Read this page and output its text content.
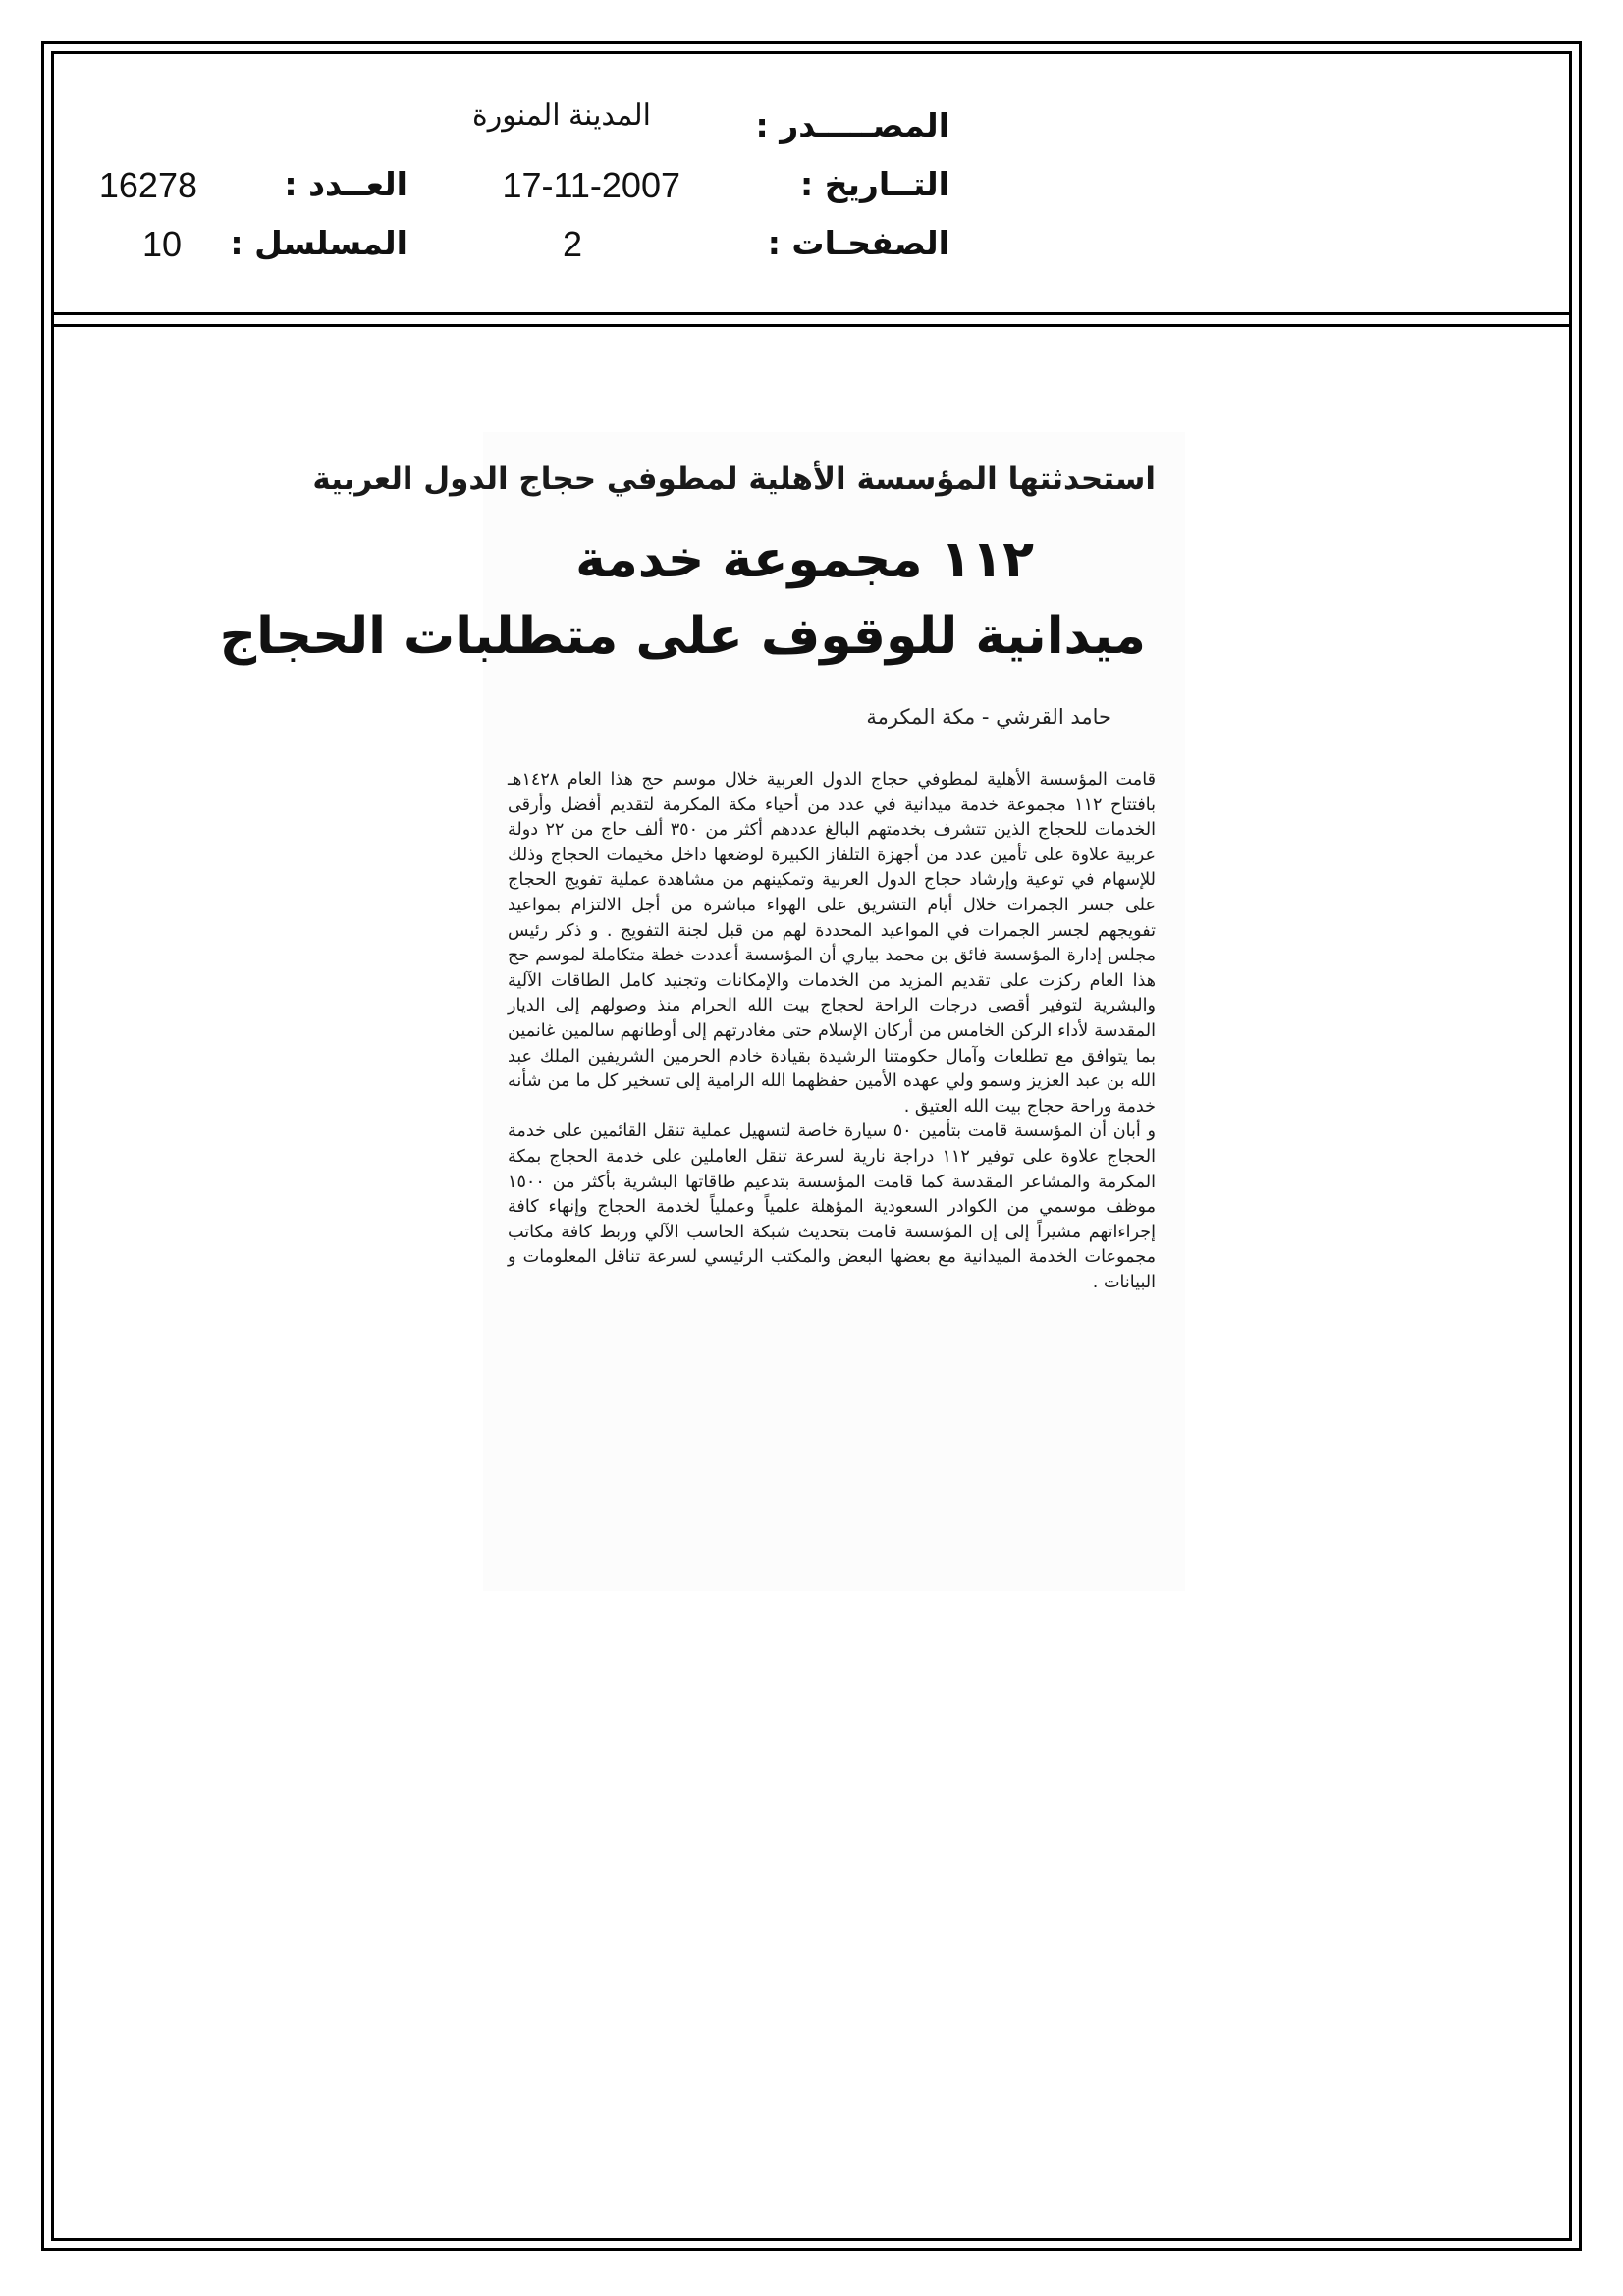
المصـــــدر :
المدينة المنورة
التــاريخ :
17-11-2007
العــدد :
16278
الصفحـات :
2
المسلسل :
10
استحدثتها المؤسسة الأهلية لمطوفي حجاج الدول العربية
١١٢ مجموعة خدمة
ميدانية للوقوف على متطلبات الحجاج
حامد القرشي - مكة المكرمة

قامت المؤسسة الأهلية لمطوفي حجاج الدول العربية خلال موسم حج هذا العام ١٤٢٨هـ بافتتاح ١١٢ مجموعة خدمة ميدانية في عدد من أحياء مكة المكرمة لتقديم أفضل وأرقى الخدمات للحجاج الذين تتشرف بخدمتهم البالغ عددهم أكثر من ٣٥٠ ألف حاج من ٢٢ دولة عربية علاوة على تأمين عدد من أجهزة التلفاز الكبيرة لوضعها داخل مخيمات الحجاج وذلك للإسهام في توعية وإرشاد حجاج الدول العربية وتمكينهم من مشاهدة عملية تفويج الحجاج على جسر الجمرات خلال أيام التشريق على الهواء مباشرة من أجل الالتزام بمواعيد تفويجهم لجسر الجمرات في المواعيد المحددة لهم من قبل لجنة التفويج . و ذكر رئيس مجلس إدارة المؤسسة فائق بن محمد بياري أن المؤسسة أعددت خطة متكاملة لموسم حج هذا العام ركزت على تقديم المزيد من الخدمات والإمكانات وتجنيد كامل الطاقات الآلية والبشرية لتوفير أقصى درجات الراحة لحجاج بيت الله الحرام منذ وصولهم إلى الديار المقدسة لأداء الركن الخامس من أركان الإسلام حتى مغادرتهم إلى أوطانهم سالمين غانمين بما يتوافق مع تطلعات وآمال حكومتنا الرشيدة بقيادة خادم الحرمين الشريفين الملك عبد الله بن عبد العزيز وسمو ولي عهده الأمين حفظهما الله الرامية إلى تسخير كل ما من شأنه خدمة وراحة حجاج بيت الله العتيق .

و أبان أن المؤسسة قامت بتأمين ٥٠ سيارة خاصة لتسهيل عملية تنقل القائمين على خدمة الحجاج علاوة على توفير ١١٢ دراجة نارية لسرعة تنقل العاملين على خدمة الحجاج بمكة المكرمة والمشاعر المقدسة كما قامت المؤسسة بتدعيم طاقاتها البشرية بأكثر من ١٥٠٠ موظف موسمي من الكوادر السعودية المؤهلة علمياً وعملياً لخدمة الحجاج وإنهاء كافة إجراءاتهم مشيراً إلى إن المؤسسة قامت بتحديث شبكة الحاسب الآلي وربط كافة مكاتب مجموعات الخدمة الميدانية مع بعضها البعض والمكتب الرئيسي لسرعة تناقل المعلومات و البيانات .
